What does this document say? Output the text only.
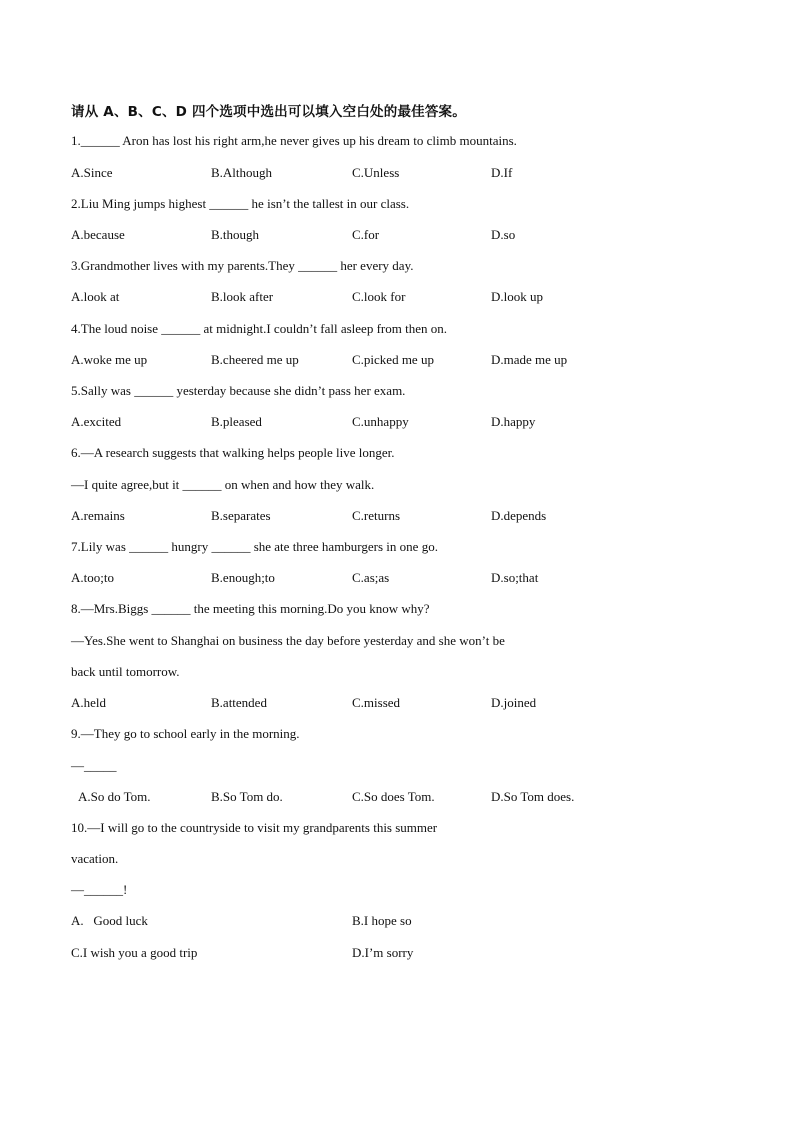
请从 A、B、C、D 四个选项中选出可以填入空白处的最佳答案。
1.______ Aron has lost his right arm,he never gives up his dream to climb mountains.
A.Since	B.Although	C.Unless	D.If
2.Liu Ming jumps highest ______ he isn’t the tallest in our class.
A.because	B.though	C.for	D.so
3.Grandmother lives with my parents.They ______ her every day.
A.look at	B.look after	C.look for	D.look up
4.The loud noise ______ at midnight.I couldn’t fall asleep from then on.
A.woke me up	B.cheered me up	C.picked me up	D.made me up
5.Sally was ______ yesterday because she didn’t pass her exam.
A.excited	B.pleased	C.unhappy	D.happy
6.—A research suggests that walking helps people live longer.
—I quite agree,but it ______ on when and how they walk.
A.remains	B.separates	C.returns	D.depends
7.Lily was ______ hungry ______ she ate three hamburgers in one go.
A.too;to	B.enough;to	C.as;as	D.so;that
8.—Mrs.Biggs ______ the meeting this morning.Do you know why?
—Yes.She went to Shanghai on business the day before yesterday and she won’t be
back until tomorrow.
A.held	B.attended	C.missed	D.joined
9.—They go to school early in the morning.
—_____
A.So do Tom.	B.So Tom do.	C.So does Tom.	D.So Tom does.
10.—I will go to the countryside to visit my grandparents this summer
vacation.
—______!
A.   Good luck	B.I hope so
C.I wish you a good trip	D.I’m sorry
